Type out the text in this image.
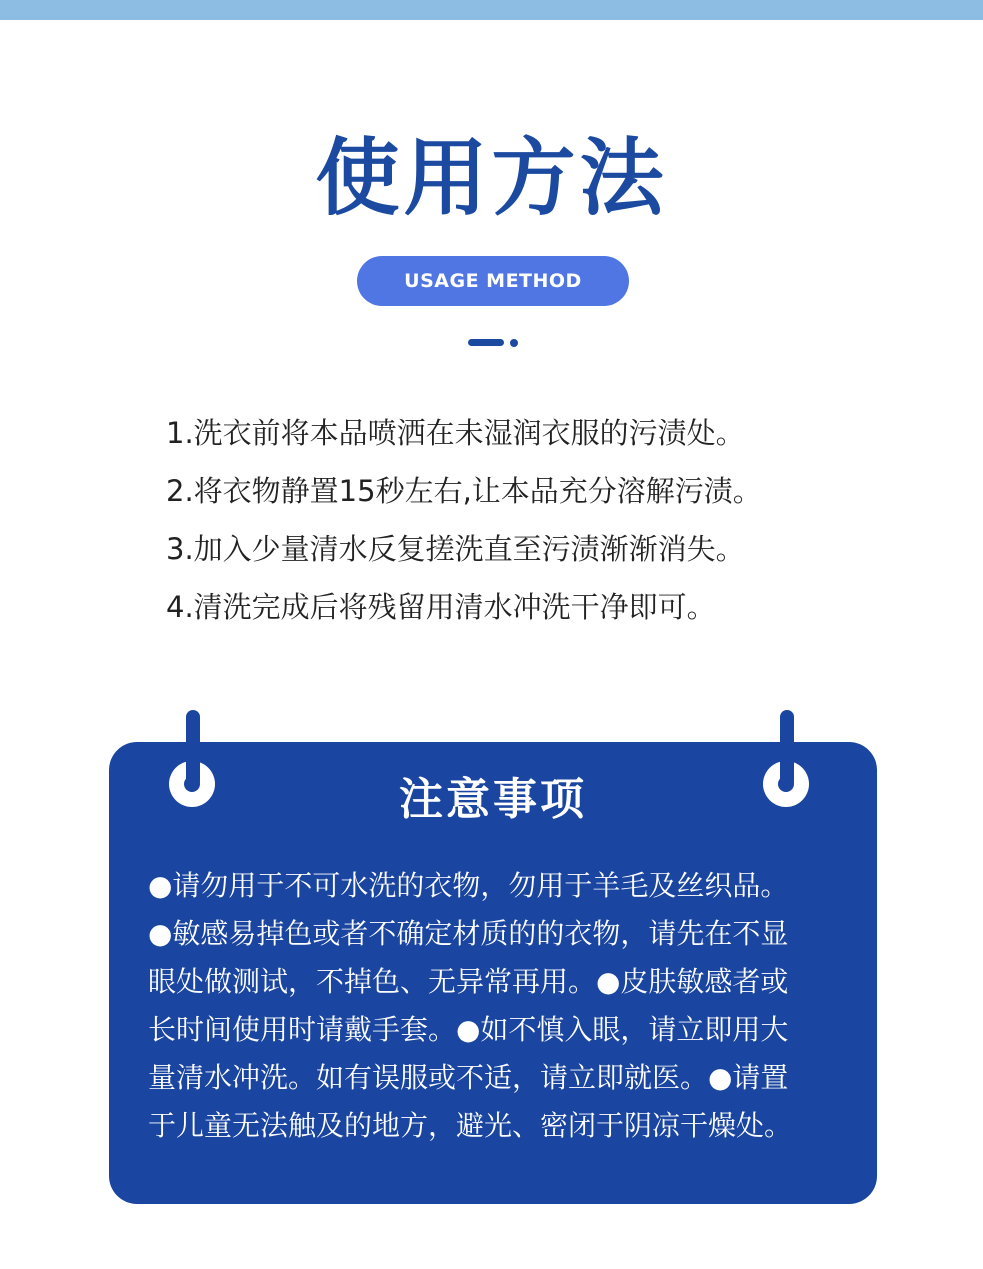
使用方法
USAGE METHOD
1.洗衣前将本品喷洒在未湿润衣服的污渍处。
2.将衣物静置15秒左右,让本品充分溶解污渍。
3.加入少量清水反复搓洗直至污渍渐渐消失。
4.清洗完成后将残留用清水冲洗干净即可。
注意事项

●请勿用于不可水洗的衣物，勿用于羊毛及丝织品。
●敏感易掉色或者不确定材质的的衣物，请先在不显
眼处做测试，不掉色、无异常再用。●皮肤敏感者或
长时间使用时请戴手套。●如不慎入眼，请立即用大
量清水冲洗。如有误服或不适，请立即就医。●请置
于儿童无法触及的地方，避光、密闭于阴凉干燥处。
